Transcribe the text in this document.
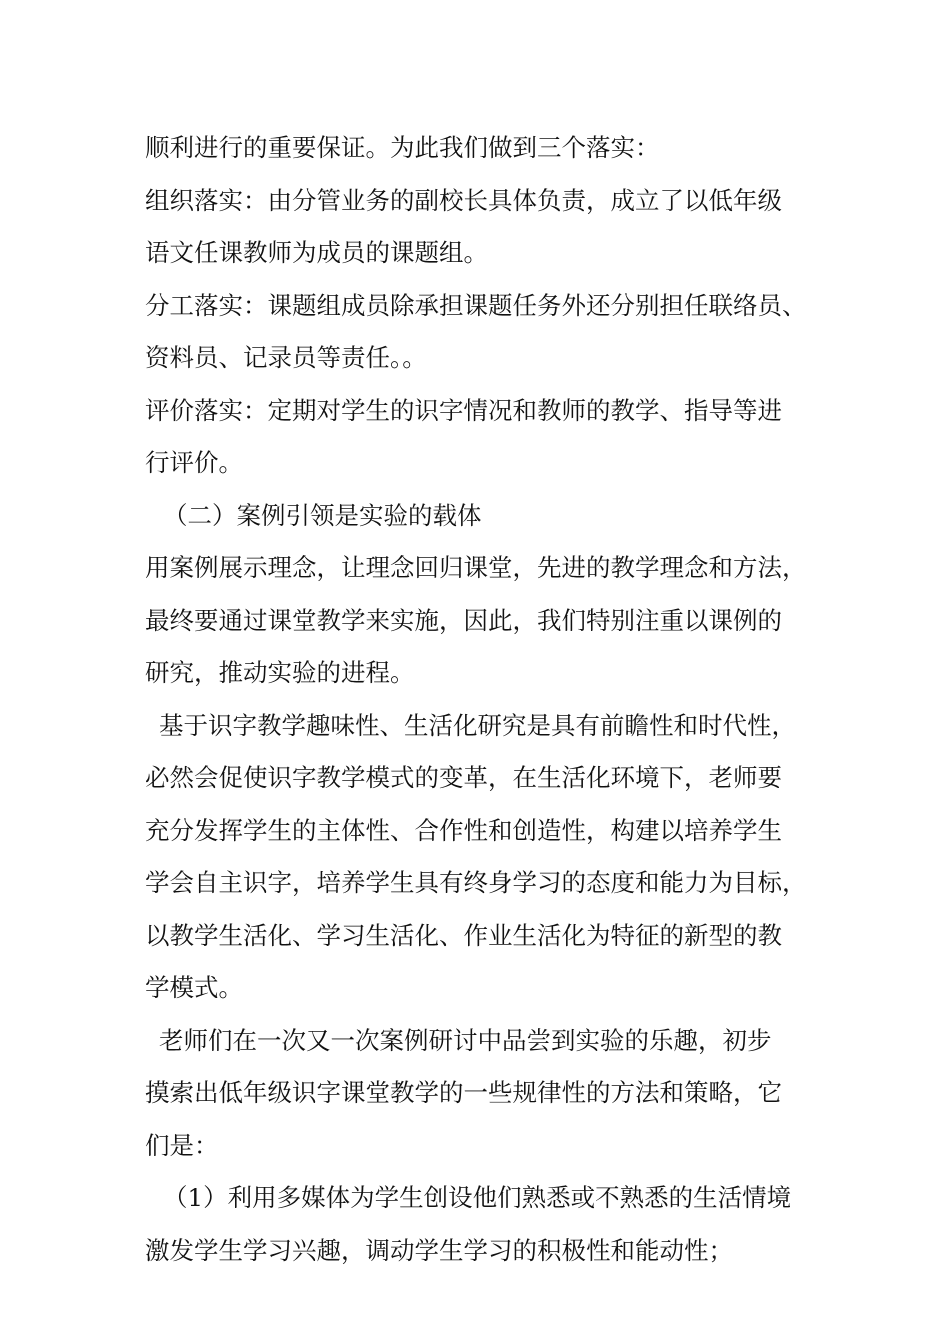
顺利进行的重要保证。为此我们做到三个落实：
组织落实：由分管业务的副校长具体负责，成立了以低年级
语文任课教师为成员的课题组。
分工落实：课题组成员除承担课题任务外还分别担任联络员、
资料员、记录员等责任。。
评价落实：定期对学生的识字情况和教师的教学、指导等进
行评价。
（二）案例引领是实验的载体
用案例展示理念，让理念回归课堂，先进的教学理念和方法，
最终要通过课堂教学来实施，因此，我们特别注重以课例的
研究，推动实验的进程。
基于识字教学趣味性、生活化研究是具有前瞻性和时代性，
必然会促使识字教学模式的变革，在生活化环境下，老师要
充分发挥学生的主体性、合作性和创造性，构建以培养学生
学会自主识字，培养学生具有终身学习的态度和能力为目标，
以教学生活化、学习生活化、作业生活化为特征的新型的教
学模式。
老师们在一次又一次案例研讨中品尝到实验的乐趣，初步
摸索出低年级识字课堂教学的一些规律性的方法和策略，它
们是：
（1）利用多媒体为学生创设他们熟悉或不熟悉的生活情境
激发学生学习兴趣，调动学生学习的积极性和能动性；
